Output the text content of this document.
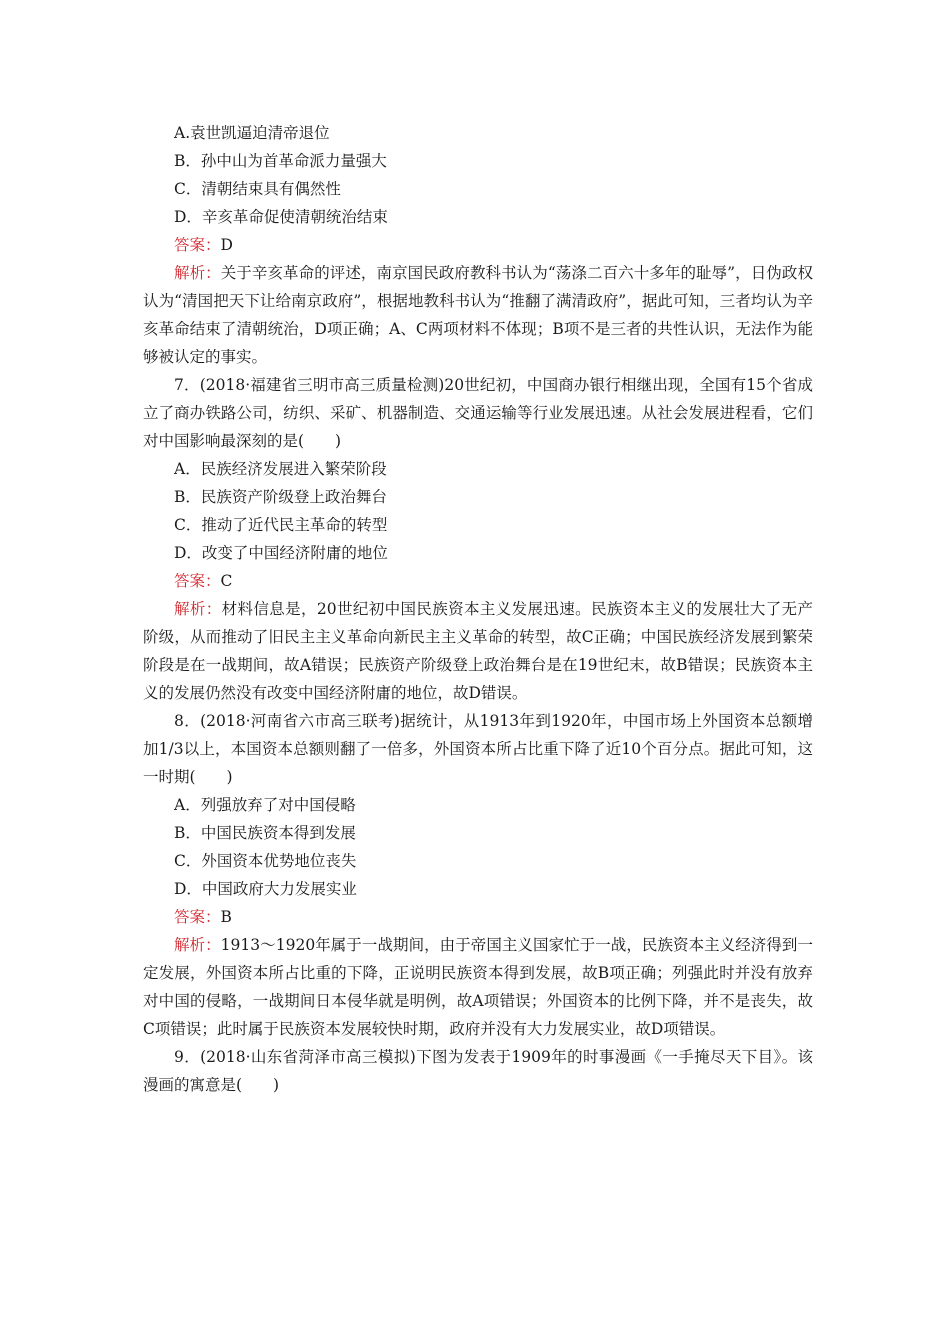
A.袁世凯逼迫清帝退位

B．孙中山为首革命派力量强大

C．清朝结束具有偶然性

D．辛亥革命促使清朝统治结束

答案：D

解析：关于辛亥革命的评述，南京国民政府教科书认为“荡涤二百六十多年的耻辱”，日伪政权认为“清国把天下让给南京政府”，根据地教科书认为“推翻了满清政府”，据此可知，三者均认为辛亥革命结束了清朝统治，D项正确；A、C两项材料不体现；B项不是三者的共性认识，无法作为能够被认定的事实。

7．(2018·福建省三明市高三质量检测)20世纪初，中国商办银行相继出现，全国有15个省成立了商办铁路公司，纺织、采矿、机器制造、交通运输等行业发展迅速。从社会发展进程看，它们对中国影响最深刻的是(　　)

A．民族经济发展进入繁荣阶段

B．民族资产阶级登上政治舞台

C．推动了近代民主革命的转型

D．改变了中国经济附庸的地位

答案：C

解析：材料信息是，20世纪初中国民族资本主义发展迅速。民族资本主义的发展壮大了无产阶级，从而推动了旧民主主义革命向新民主主义革命的转型，故C正确；中国民族经济发展到繁荣阶段是在一战期间，故A错误；民族资产阶级登上政治舞台是在19世纪末，故B错误；民族资本主义的发展仍然没有改变中国经济附庸的地位，故D错误。

8．(2018·河南省六市高三联考)据统计，从1913年到1920年，中国市场上外国资本总额增加1/3以上，本国资本总额则翻了一倍多，外国资本所占比重下降了近10个百分点。据此可知，这一时期(　　)

A．列强放弃了对中国侵略

B．中国民族资本得到发展

C．外国资本优势地位丧失

D．中国政府大力发展实业

答案：B

解析：1913～1920年属于一战期间，由于帝国主义国家忙于一战，民族资本主义经济得到一定发展，外国资本所占比重的下降，正说明民族资本得到发展，故B项正确；列强此时并没有放弃对中国的侵略，一战期间日本侵华就是明例，故A项错误；外国资本的比例下降，并不是丧失，故C项错误；此时属于民族资本发展较快时期，政府并没有大力发展实业，故D项错误。

9．(2018·山东省菏泽市高三模拟)下图为发表于1909年的时事漫画《一手掩尽天下目》。该漫画的寓意是(　　)
